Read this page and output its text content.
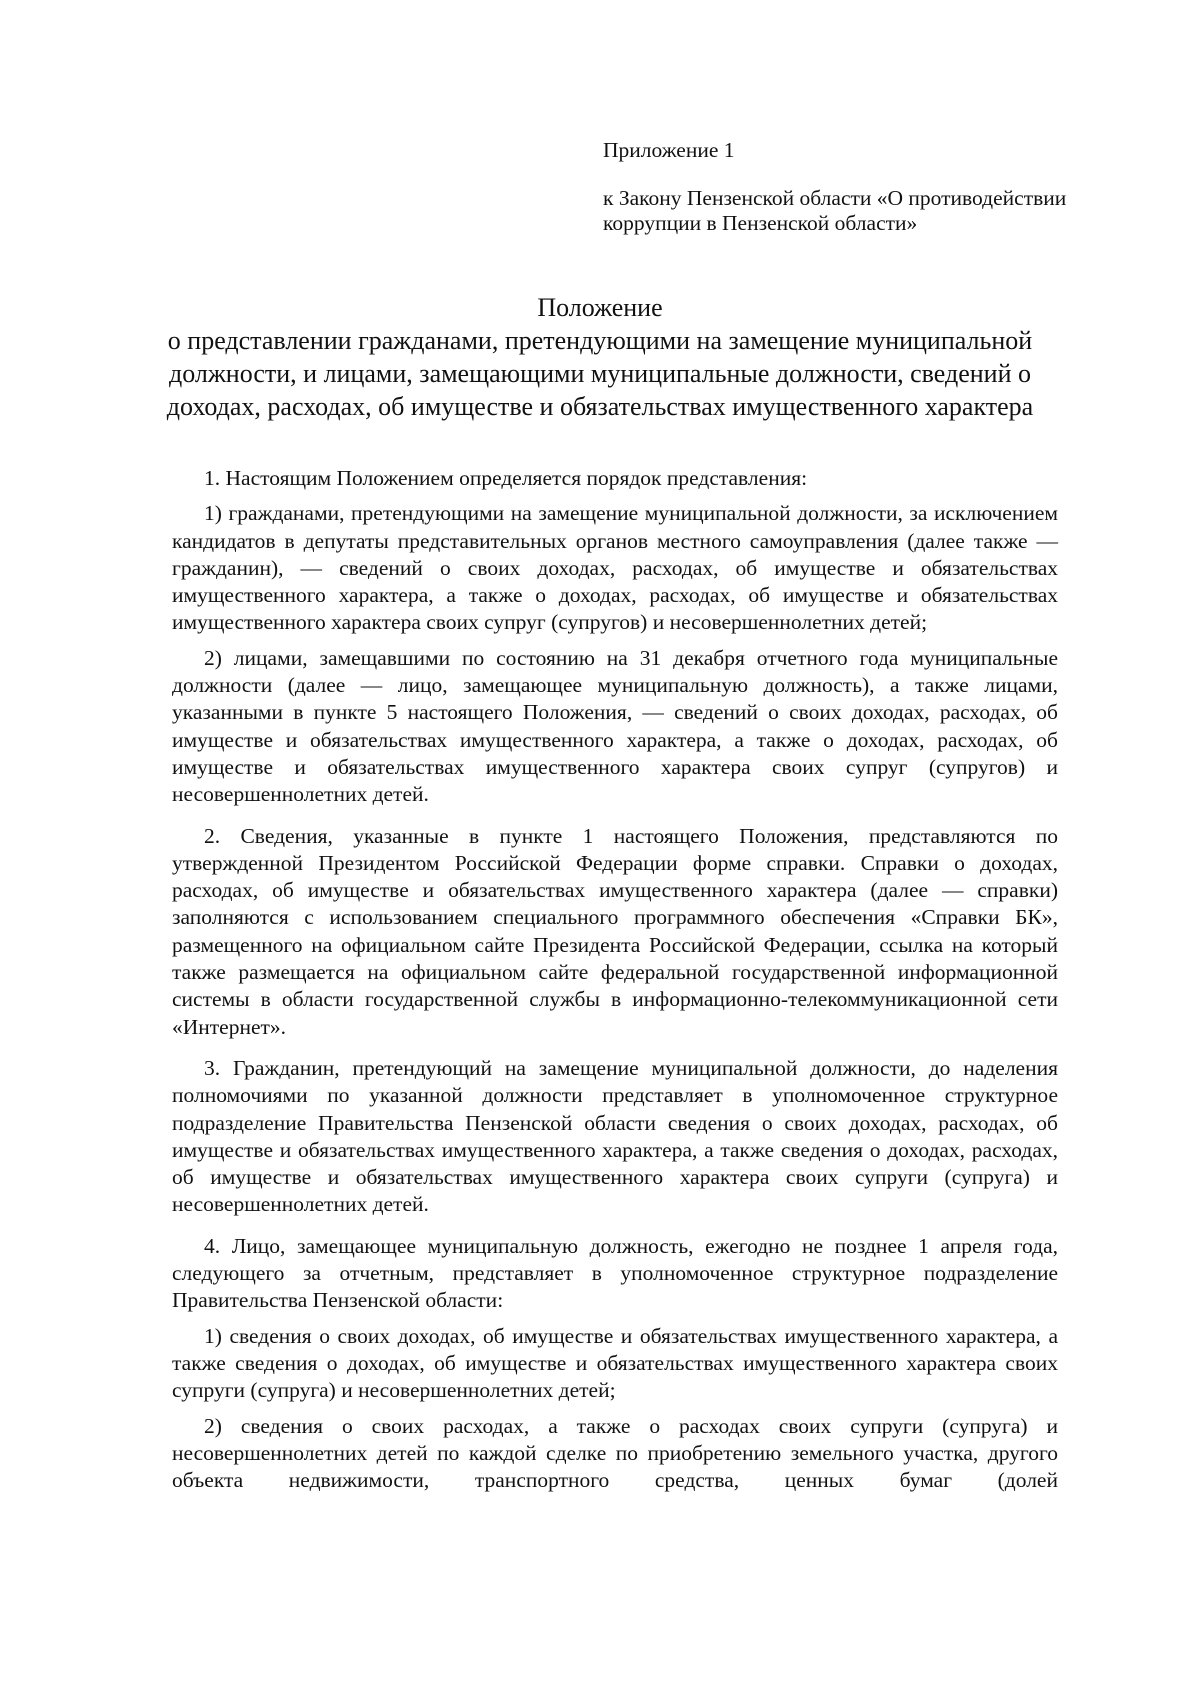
Приложение 1

к Закону Пензенской области «О противодействии коррупции в Пензенской области»

Положение

о представлении гражданами, претендующими на замещение муниципальной должности, и лицами, замещающими муниципальные должности, сведений о доходах, расходах, об имуществе и обязательствах имущественного характера

1. Настоящим Положением определяется порядок представления:

1) гражданами, претендующими на замещение муниципальной должности, за исключением кандидатов в депутаты представительных органов местного самоуправления (далее также — гражданин), — сведений о своих доходах, расходах, об имуществе и обязательствах имущественного характера, а также о доходах, расходах, об имуществе и обязательствах имущественного характера своих супруг (супругов) и несовершеннолетних детей;

2) лицами, замещавшими по состоянию на 31 декабря отчетного года муниципальные должности (далее — лицо, замещающее муниципальную должность), а также лицами, указанными в пункте 5 настоящего Положения, — сведений о своих доходах, расходах, об имуществе и обязательствах имущественного характера, а также о доходах, расходах, об имуществе и обязательствах имущественного характера своих супруг (супругов) и несовершеннолетних детей.

2. Сведения, указанные в пункте 1 настоящего Положения, представляются по утвержденной Президентом Российской Федерации форме справки. Справки о доходах, расходах, об имуществе и обязательствах имущественного характера (далее — справки) заполняются с использованием специального программного обеспечения «Справки БК», размещенного на официальном сайте Президента Российской Федерации, ссылка на который также размещается на официальном сайте федеральной государственной информационной системы в области государственной службы в информационно-телекоммуникационной сети «Интернет».

3. Гражданин, претендующий на замещение муниципальной должности, до наделения полномочиями по указанной должности представляет в уполномоченное структурное подразделение Правительства Пензенской области сведения о своих доходах, расходах, об имуществе и обязательствах имущественного характера, а также сведения о доходах, расходах, об имуществе и обязательствах имущественного характера своих супруги (супруга) и несовершеннолетних детей.

4. Лицо, замещающее муниципальную должность, ежегодно не позднее 1 апреля года, следующего за отчетным, представляет в уполномоченное структурное подразделение Правительства Пензенской области:

1) сведения о своих доходах, об имуществе и обязательствах имущественного характера, а также сведения о доходах, об имуществе и обязательствах имущественного характера своих супруги (супруга) и несовершеннолетних детей;

2) сведения о своих расходах, а также о расходах своих супруги (супруга) и несовершеннолетних детей по каждой сделке по приобретению земельного участка, другого объекта недвижимости, транспортного средства, ценных бумаг (долей
